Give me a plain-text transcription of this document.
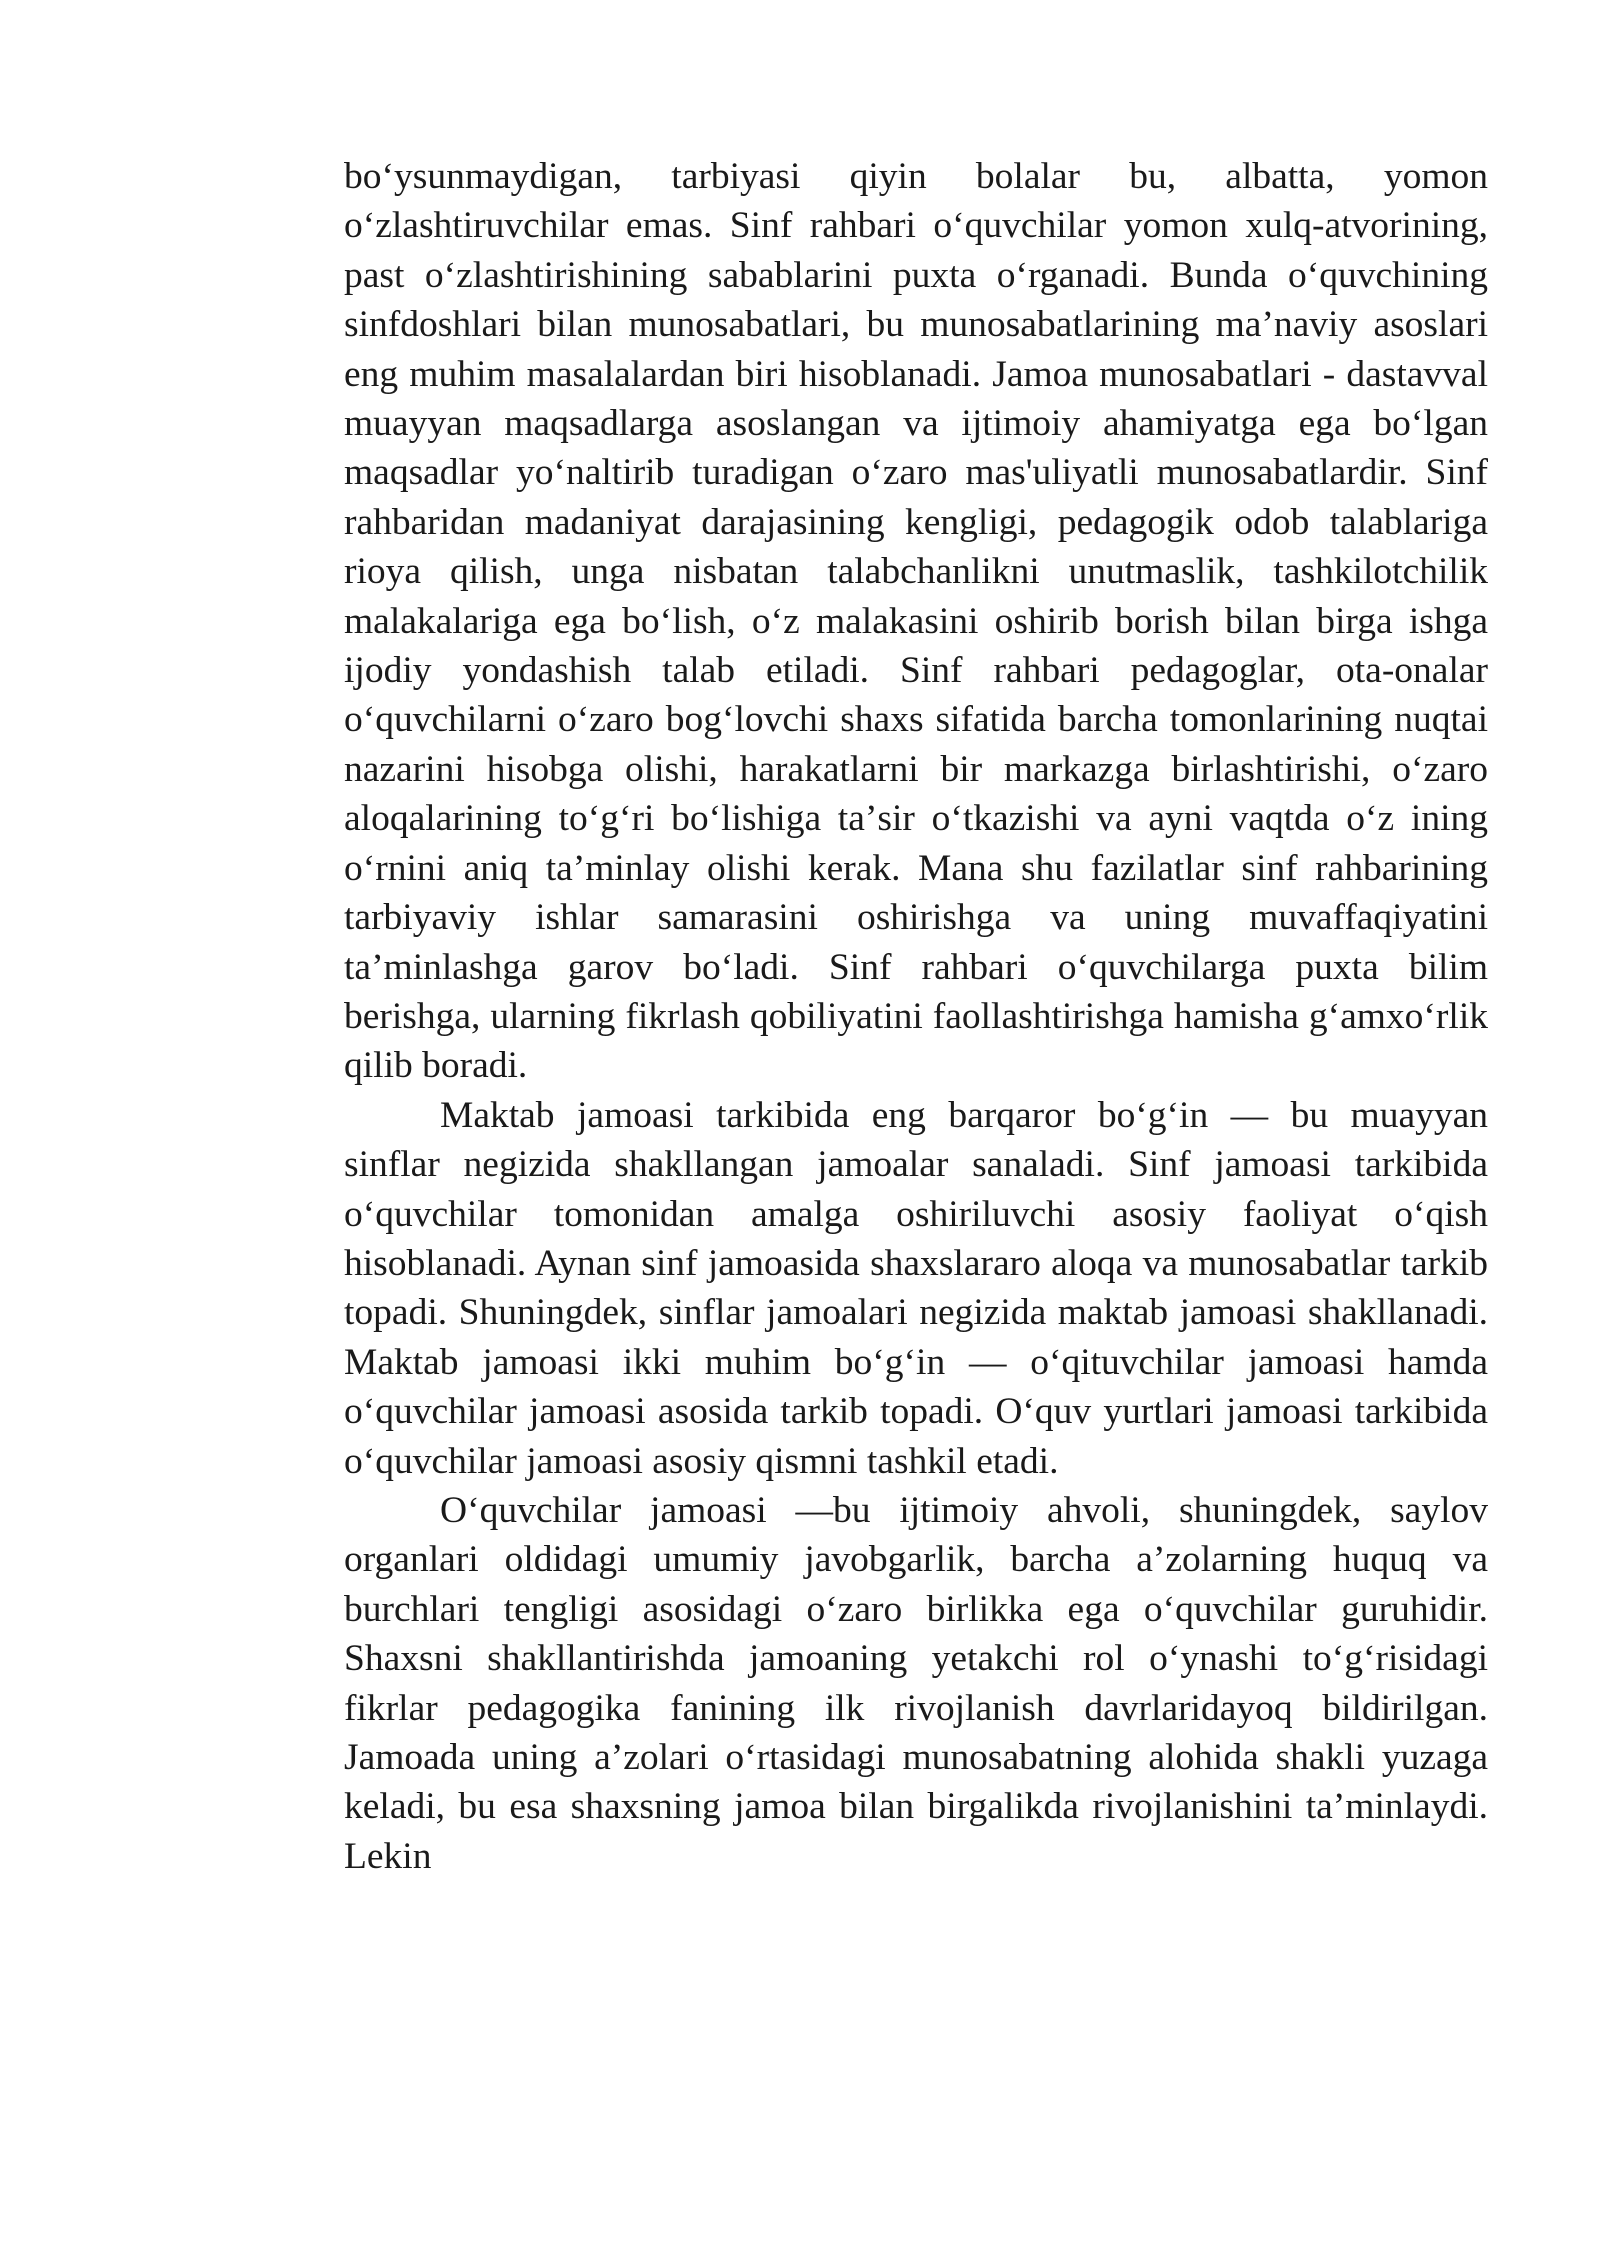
boʻysunmaydigan, tarbiyasi qiyin bolalar bu, albatta, yomon oʻzlashtiruvchilar emas. Sinf rahbari oʻquvchilar yomon xulq-atvorining, past oʻzlashtirishining sabablarini puxta oʻrganadi. Bunda oʻquvchining sinfdoshlari bilan munosabatlari, bu munosabatlarining maʼnaviy asoslari eng muhim masalalardan biri hisoblanadi. Jamoa munosabatlari - dastavval muayyan maqsadlarga asoslangan va ijtimoiy ahamiyatga ega boʻlgan maqsadlar yoʻnaltirib turadigan oʻzaro mas'uliyatli munosabatlardir. Sinf rahbaridan madaniyat darajasining kengligi, pedagogik odob talablariga rioya qilish, unga nisbatan talabchanlikni unutmaslik, tashkilotchilik malakalariga ega boʻlish, oʻz malakasini oshirib borish bilan birga ishga ijodiy yondashish talab etiladi. Sinf rahbari pedagoglar, ota-onalar oʻquvchilarni oʻzaro bogʻlovchi shaxs sifatida barcha tomonlarining nuqtai nazarini hisobga olishi, harakatlarni bir markazga birlashtirishi, oʻzaro aloqalarining toʻgʻri boʻlishiga taʼsir oʻtkazishi va ayni vaqtda oʻz ining oʻrnini aniq taʼminlay olishi kerak. Mana shu fazilatlar sinf rahbarining tarbiyaviy ishlar samarasini oshirishga va uning muvaffaqiyatini taʼminlashga garov boʻladi. Sinf rahbari oʻquvchilarga puxta bilim berishga, ularning fikrlash qobiliyatini faollashtirishga hamisha gʻamxoʻrlik qilib boradi.

Maktab jamoasi tarkibida eng barqaror boʻgʻin — bu muayyan sinflar negizida shakllangan jamoalar sanaladi. Sinf jamoasi tarkibida oʻquvchilar tomonidan amalga oshiriluvchi asosiy faoliyat oʻqish hisoblanadi. Aynan sinf jamoasida shaxslararo aloqa va munosabatlar tarkib topadi. Shuningdek, sinflar jamoalari negizida maktab jamoasi shakllanadi. Maktab jamoasi ikki muhim boʻgʻin — oʻqituvchilar jamoasi hamda oʻquvchilar jamoasi asosida tarkib topadi. Oʻquv yurtlari jamoasi tarkibida oʻquvchilar jamoasi asosiy qismni tashkil etadi.

Oʻquvchilar jamoasi —bu ijtimoiy ahvoli, shuningdek, saylov organlari oldidagi umumiy javobgarlik, barcha aʼzolarning huquq va burchlari tengligi asosidagi oʻzaro birlikka ega oʻquvchilar guruhidir. Shaxsni shakllantirishda jamoaning yetakchi rol oʻynashi toʻgʻrisidagi fikrlar pedagogika fanining ilk rivojlanish davrlaridayoq bildirilgan. Jamoada uning aʼzolari oʻrtasidagi munosabatning alohida shakli yuzaga keladi, bu esa shaxsning jamoa bilan birgalikda rivojlanishini taʼminlaydi. Lekin
